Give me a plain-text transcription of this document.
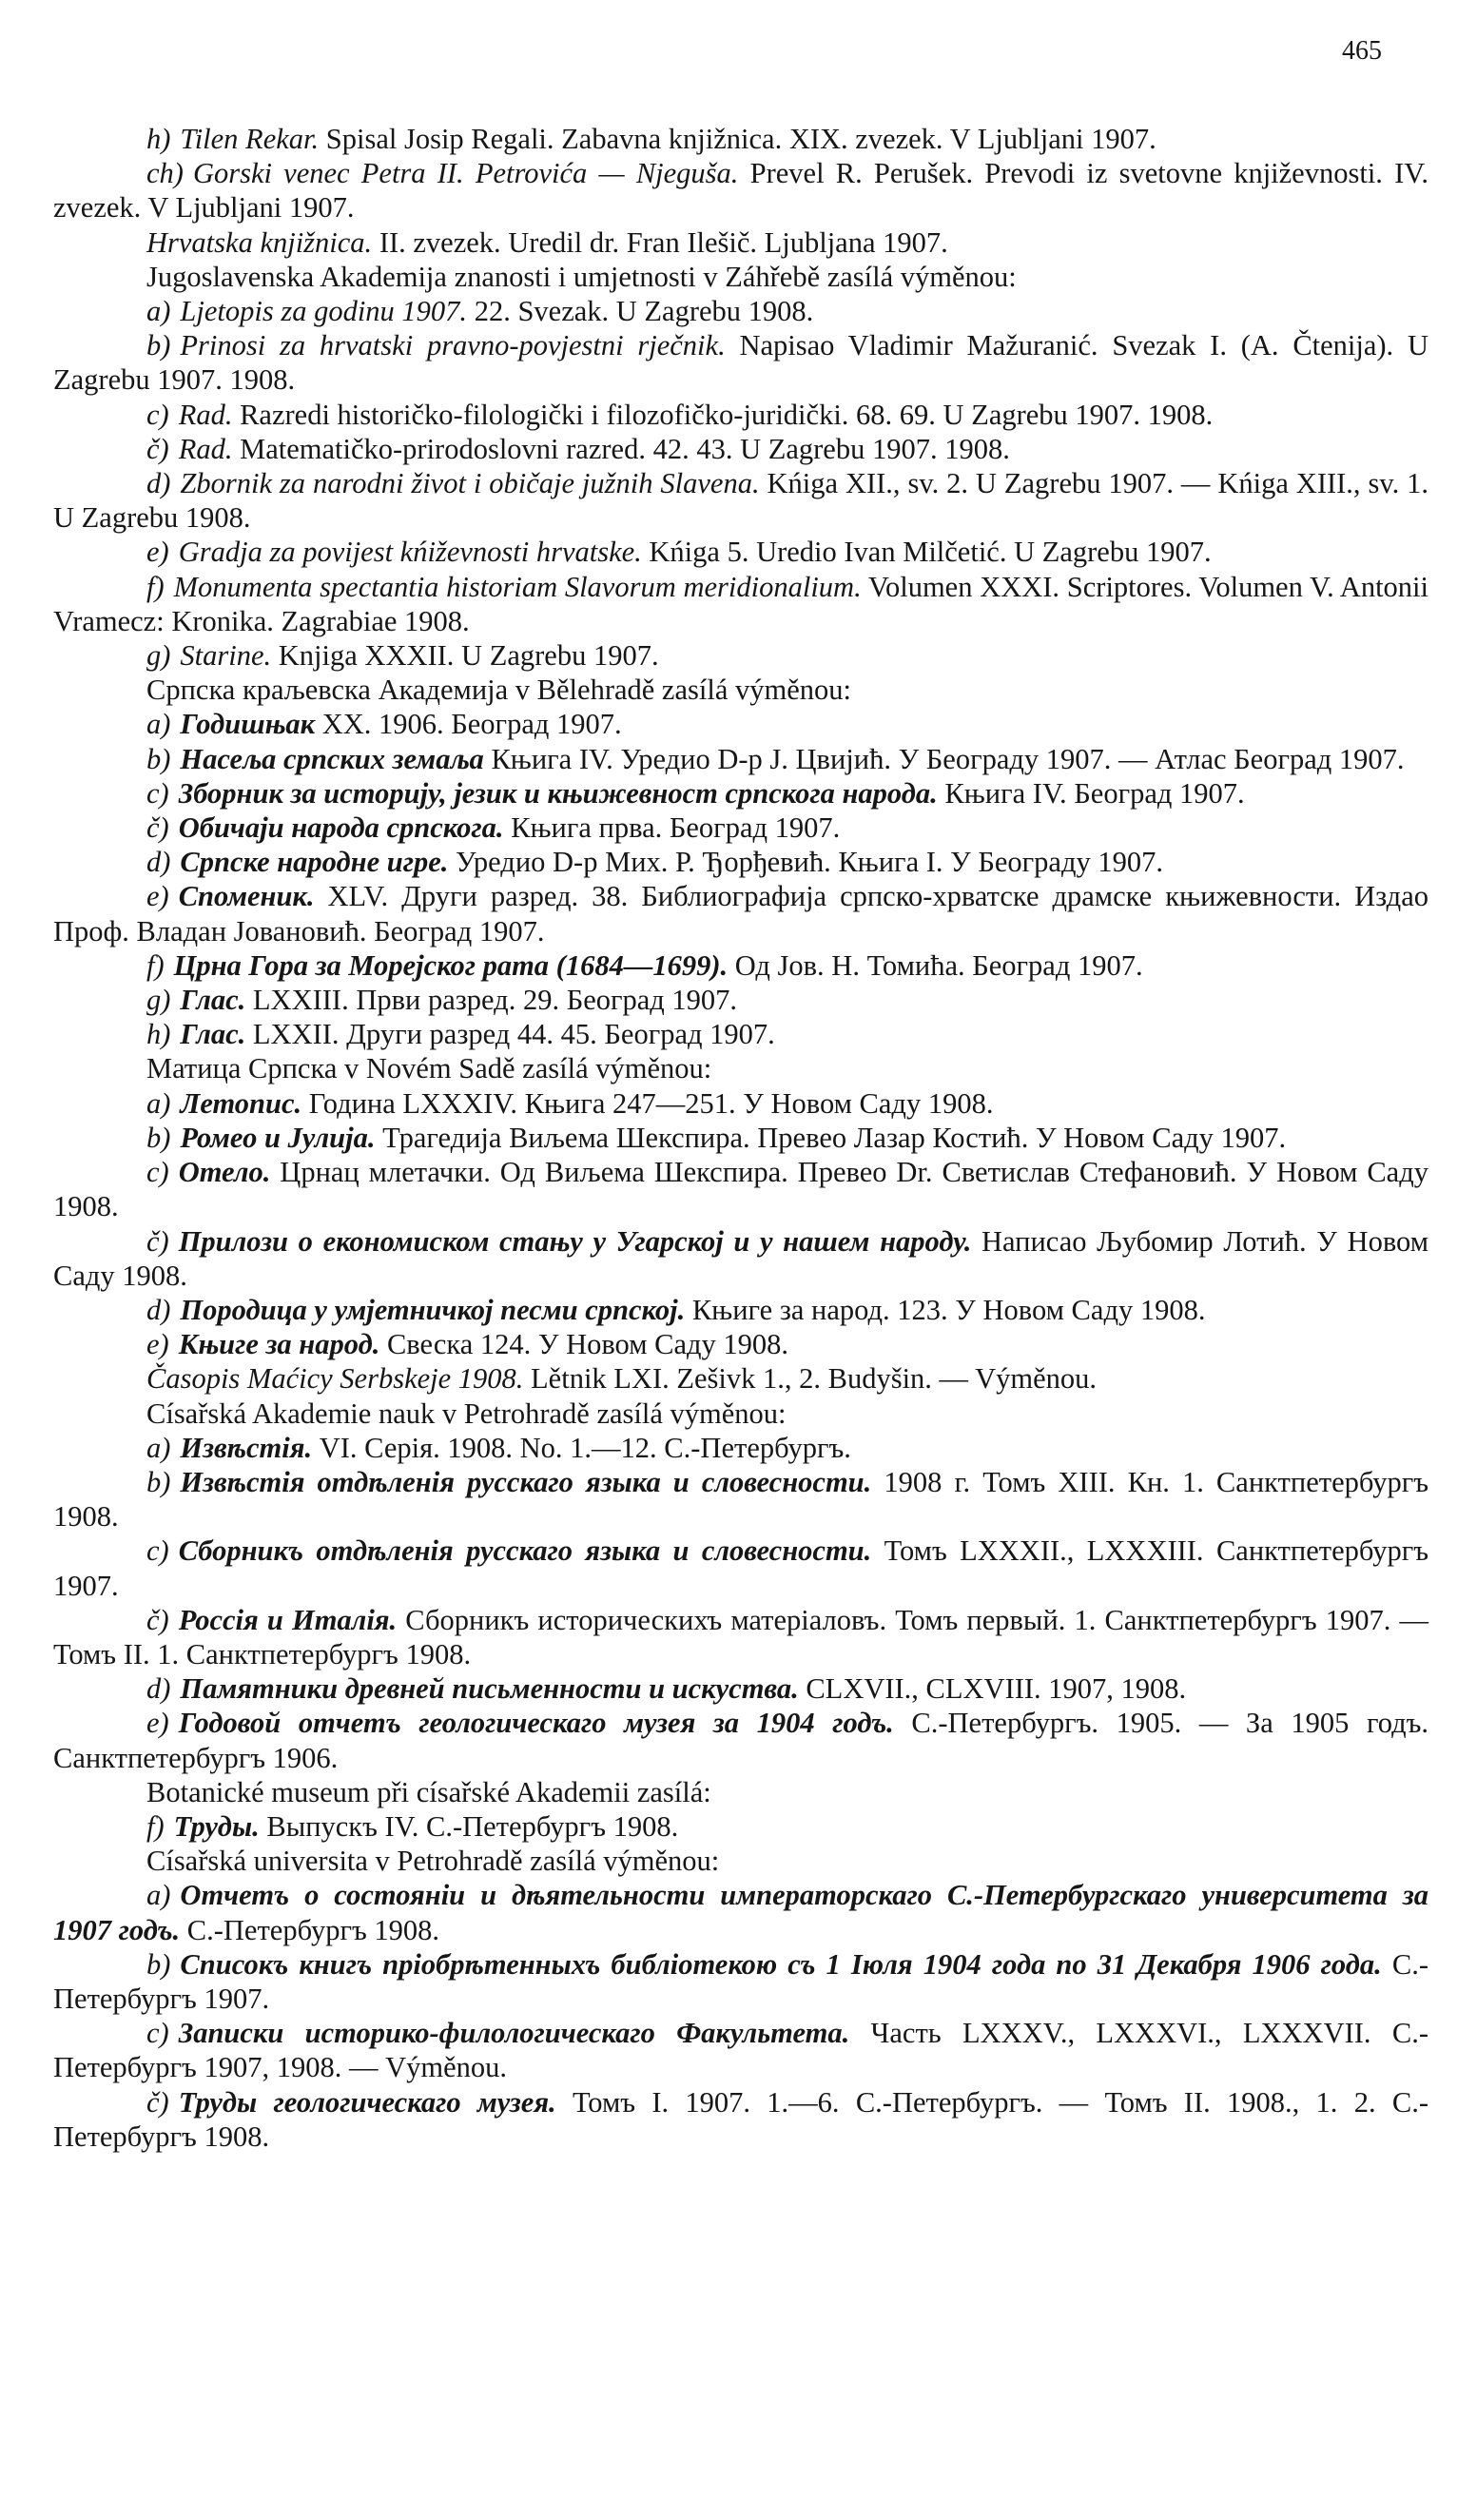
465

h) Tilen Rekar. Spisal Josip Regali. Zabavna knjižnica. XIX. zvezek. V Ljubljani 1907.

ch) Gorski venec Petra II. Petrovića — Njeguša. Prevel R. Perušek. Prevodi iz svetovne književnosti. IV. zvezek. V Ljubljani 1907.

Hrvatska knjižnica. II. zvezek. Uredil dr. Fran Ilešič. Ljubljana 1907.

Jugoslavenska Akademija znanosti i umjetnosti v Záhřebě zasílá výměnou:

a) Ljetopis za godinu 1907. 22. Svezak. U Zagrebu 1908.

b) Prinosi za hrvatski pravno-povjestni rječnik. Napisao Vladimir Mažuranić. Svezak I. (A. Čtenija). U Zagrebu 1907. 1908.

c) Rad. Razredi historičko-filologički i filozofičko-juridički. 68. 69. U Zagrebu 1907. 1908.

č) Rad. Matematičko-prirodoslovni razred. 42. 43. U Zagrebu 1907. 1908.

d) Zbornik za narodni život i običaje južnih Slavena. Kńiga XII., sv. 2. U Zagrebu 1907. — Kńiga XIII., sv. 1. U Zagrebu 1908.

e) Gradja za povijest kńiževnosti hrvatske. Kńiga 5. Uredio Ivan Milčetić. U Zagrebu 1907.

f) Monumenta spectantia historiam Slavorum meridionalium. Volumen XXXI. Scriptores. Volumen V. Antonii Vramecz: Kronika. Zagrabiae 1908.

g) Starine. Knjiga XXXII. U Zagrebu 1907.

Српска краљевска Академија v Bělehradě zasílá výměnou:

a) Годишњак XX. 1906. Београд 1907.

b) Насеља српских земаља Књига IV. Уредио D-р J. Цвијић. У Београду 1907. — Атлас Београд 1907.

c) Зборник за историју, језик и књижевност српскога народа. Књига IV. Београд 1907.

č) Обичаји народа српскога. Књига прва. Београд 1907.

d) Српске народне игре. Уредио D-р Мих. Р. Ђорђевић. Књига I. У Београду 1907.

e) Споменик. XLV. Други разред. 38. Библиографија српско-хрватске драмске књижевности. Издао Проф. Владан Јовановић. Београд 1907.

f) Црна Гора за Морејског рата (1684—1699). Од Јов. Н. Томића. Београд 1907.

g) Глас. LXXIII. Први разред. 29. Београд 1907.

h) Глас. LXXII. Други разред 44. 45. Београд 1907.

Матица Српска v Novém Sadě zasílá výměnou:

a) Летопис. Година LXXXIV. Књига 247—251. У Новом Саду 1908.

b) Ромео и Јулија. Трагедија Виљема Шекспира. Превео Лазар Костић. У Новом Саду 1907.

c) Отело. Црнац млетачки. Од Виљема Шекспира. Превео Dr. Светислав Стефановић. У Новом Саду 1908.

č) Прилози о економиском стању у Угарској и у нашем народу. Написао Љубомир Лотић. У Новом Саду 1908.

d) Породица у умјетничкој песми српској. Књиге за народ. 123. У Новом Саду 1908.

e) Књиге за народ. Свеска 124. У Новом Саду 1908.

Časopis Maćicy Serbskeje 1908. Lětnik LXI. Zešivk 1., 2. Budyšin. — Výměnou.

Císařská Akademie nauk v Petrohradě zasílá výměnou:

a) Извѣстія. VI. Серія. 1908. No. 1.—12. С.-Петербургъ.

b) Извѣстія отдѣленія русскаго языка и словесности. 1908 г. Томъ XIII. Кн. 1. Санктпетербургъ 1908.

c) Сборникъ отдѣленія русскаго языка и словесности. Томъ LXXXII., LXXXIII. Санктпетербургъ 1907.

č) Россія и Италія. Сборникъ историческихъ матеріаловъ. Томъ первый. 1. Санктпетербургъ 1907. — Томъ II. 1. Санктпетербургъ 1908.

d) Памятники древней письменности и искуства. CLXVII., CLXVIII. 1907, 1908.

e) Годовой отчетъ геологическаго музея за 1904 годъ. С.-Петербургъ. 1905. — За 1905 годъ. Санктпетербургъ 1906.

Botanické museum při císařské Akademii zasílá:

f) Труды. Выпускъ IV. С.-Петербургъ 1908.

Císařská universita v Petrohradě zasílá výměnou:

a) Отчетъ о состояніи и дѣятельности императорскаго С.-Петербургскаго университета за 1907 годъ. С.-Петербургъ 1908.

b) Списокъ книгъ пріобрѣтенныхъ библіотекою съ 1 Іюля 1904 года по 31 Декабря 1906 года. С.-Петербургъ 1907.

c) Записки историко-филологическаго Факультета. Часть LXXXV., LXXXVI., LXXXVII. С.-Петербургъ 1907, 1908. — Výměnou.

č) Труды геологическаго музея. Томъ I. 1907. 1.—6. С.-Петербургъ. — Томъ II. 1908., 1. 2. С.-Петербургъ 1908.
